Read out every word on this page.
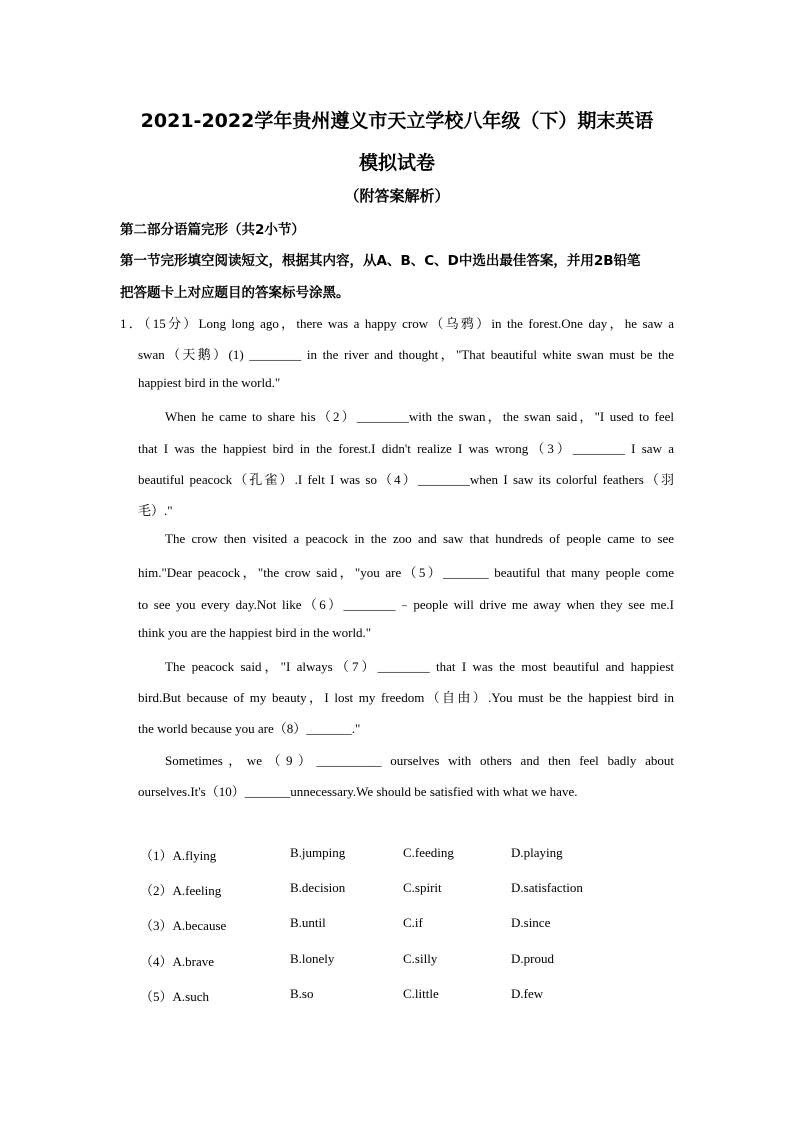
2021-2022学年贵州遵义市天立学校八年级（下）期末英语
模拟试卷
（附答案解析）
第二部分语篇完形（共2小节）
第一节完形填空阅读短文，根据其内容，从A、B、C、D中选出最佳答案，并用2B铅笔
把答题卡上对应题目的答案标号涂黑。
1．（15分）Long long ago，there was a happy crow（乌鸦）in the forest.One day，he saw a
swan（天鹅）(1) ________ in the river and thought，"That beautiful white swan must be the
happiest bird in the world."
When he came to share his（2）________with the swan，the swan said，"I used to feel
that I was the happiest bird in the forest.I didn't realize I was wrong（3）________ I saw a
beautiful peacock（孔雀）.I felt I was so（4）________when I saw its colorful feathers（羽
毛）."
The crow then visited a peacock in the zoo and saw that hundreds of people came to see
him."Dear peacock，"the crow said，"you are（5）_______ beautiful that many people come
to see you every day.Not like（6）________﹣people will drive me away when they see me.I
think you are the happiest bird in the world."
The peacock said，"I always（7）________ that I was the most beautiful and happiest
bird.But because of my beauty，I lost my freedom（自由）.You must be the happiest bird in
the world because you are（8）_______."
Sometimes，we（9）__________ ourselves with others and then feel badly about
ourselves.It's（10）_______unnecessary.We should be satisfied with what we have.
（1）A.flying	B.jumping	C.feeding	D.playing
（2）A.feeling	B.decision	C.spirit	D.satisfaction
（3）A.because	B.until	C.if	D.since
（4）A.brave	B.lonely	C.silly	D.proud
（5）A.such	B.so	C.little	D.few
